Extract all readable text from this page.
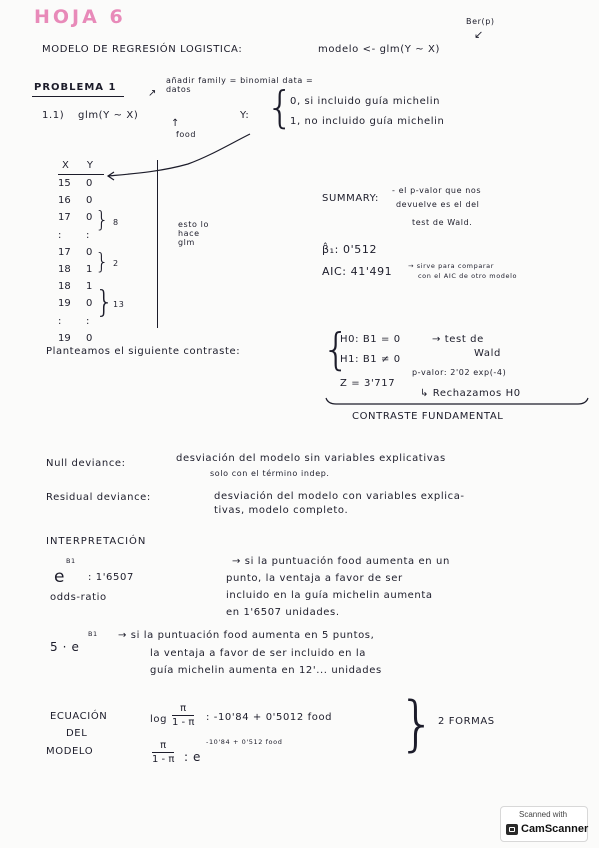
HOJA 6
MODELO DE REGRESIÓN LOGISTICA:	modelo <- glm(Y ~ X)
Ber(p)
↙
PROBLEMA 1
añadir family = binomial data = datos
↗
1.1) glm(Y ~ X)
↑
food
Y: {
0, si incluido guía michelin
1, no incluido guía michelin
X Y
15 0
16 0
17 0
:	:
17 0
18 1
18 1
19 0
:	:
19 0
} 8
} 2
}
13
esto lo hace glm
SUMMARY:
- el p-valor que nos
devuelve es el del
test de Wald.
β̂₁: 0'512
AIC: 41'491 → sirve para comparar
con el AIC de otro modelo
Planteamos el siguiente contraste: {
H0: B1 = 0
H1: B1 ≠ 0
→ test de
Wald
Z = 3'717
p-valor: 2'02 exp(-4)
↳ Rechazamos H0
CONTRASTE FUNDAMENTAL
Null deviance:	desviación del modelo sin variables explicativas
solo con el término indep.
Residual deviance:	desviación del modelo con variables explica-
tivas, modelo completo.
INTERPRETACIÓN
e
B1
: 1'6507
odds-ratio
→ si la puntuación food aumenta en un
punto, la ventaja a favor de ser
incluido en la guía michelin aumenta
en 1'6507 unidades.
5 · e
B1 → si la puntuación food aumenta en 5 puntos,
la ventaja a favor de ser incluido en la
guía michelin aumenta en 12'... unidades
ECUACIÓN
DEL
MODELO
log
π
1 - π : -10'84 + 0'5012 food
π
1 - π : e
-10'84 + 0'512 food } 2 FORMAS
Scanned with
CamScanner
